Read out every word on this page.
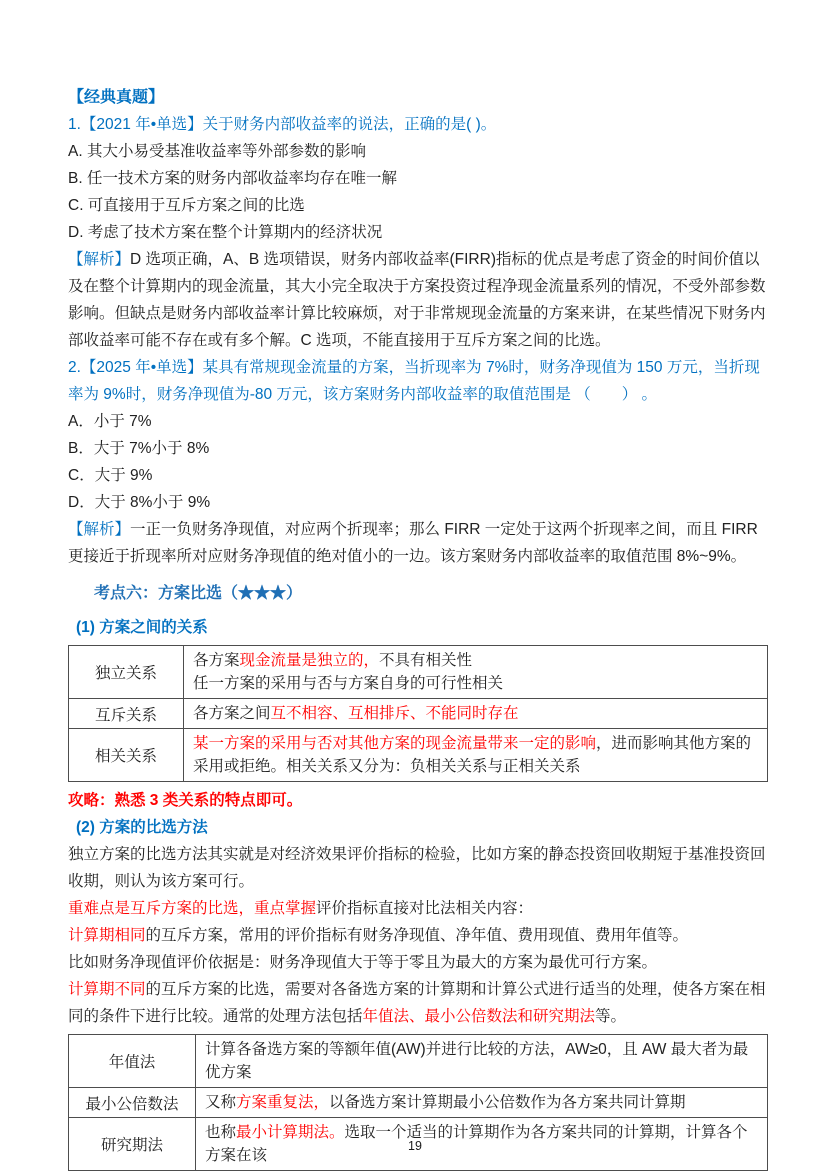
【经典真题】

1.【2021 年•单选】关于财务内部收益率的说法，正确的是( )。

A. 其大小易受基准收益率等外部参数的影响

B. 任一技术方案的财务内部收益率均存在唯一解

C. 可直接用于互斥方案之间的比选

D. 考虑了技术方案在整个计算期内的经济状况

【解析】D 选项正确，A、B 选项错误，财务内部收益率(FIRR)指标的优点是考虑了资金的时间价值以及在整个计算期内的现金流量，其大小完全取决于方案投资过程净现金流量系列的情况，不受外部参数影响。但缺点是财务内部收益率计算比较麻烦，对于非常规现金流量的方案来讲，在某些情况下财务内部收益率可能不存在或有多个解。C 选项，不能直接用于互斥方案之间的比选。

2.【2025 年•单选】某具有常规现金流量的方案，当折现率为 7%时，财务净现值为 150 万元，当折现率为 9%时，财务净现值为-80 万元，该方案财务内部收益率的取值范围是 （　　） 。

A．小于 7%

B．大于 7%小于 8%

C．大于 9%

D．大于 8%小于 9%

【解析】一正一负财务净现值，对应两个折现率；那么 FIRR 一定处于这两个折现率之间，而且 FIRR 更接近于折现率所对应财务净现值的绝对值小的一边。该方案财务内部收益率的取值范围 8%~9%。

考点六：方案比选（★★★）

(1) 方案之间的关系

独立关系	各方案现金流量是独立的，不具有相关性

任一方案的采用与否与方案自身的可行性相关

互斥关系	各方案之间互不相容、互相排斥、不能同时存在

相关关系	某一方案的采用与否对其他方案的现金流量带来一定的影响，进而影响其他方案的采用或拒绝。相关关系又分为：负相关关系与正相关关系

攻略：熟悉 3 类关系的特点即可。

(2) 方案的比选方法

独立方案的比选方法其实就是对经济效果评价指标的检验，比如方案的静态投资回收期短于基准投资回收期，则认为该方案可行。

重难点是互斥方案的比选，重点掌握评价指标直接对比法相关内容：

计算期相同的互斥方案，常用的评价指标有财务净现值、净年值、费用现值、费用年值等。

比如财务净现值评价依据是：财务净现值大于等于零且为最大的方案为最优可行方案。

计算期不同的互斥方案的比选，需要对各备选方案的计算期和计算公式进行适当的处理，使各方案在相同的条件下进行比较。通常的处理方法包括年值法、最小公倍数法和研究期法等。

年值法	计算各备选方案的等额年值(AW)并进行比较的方法，AW≥0，且 AW 最大者为最优方案

最小公倍数法	又称方案重复法，以备选方案计算期最小公倍数作为各方案共同计算期

研究期法	也称最小计算期法。选取一个适当的计算期作为各方案共同的计算期，计算各个方案在该

19
